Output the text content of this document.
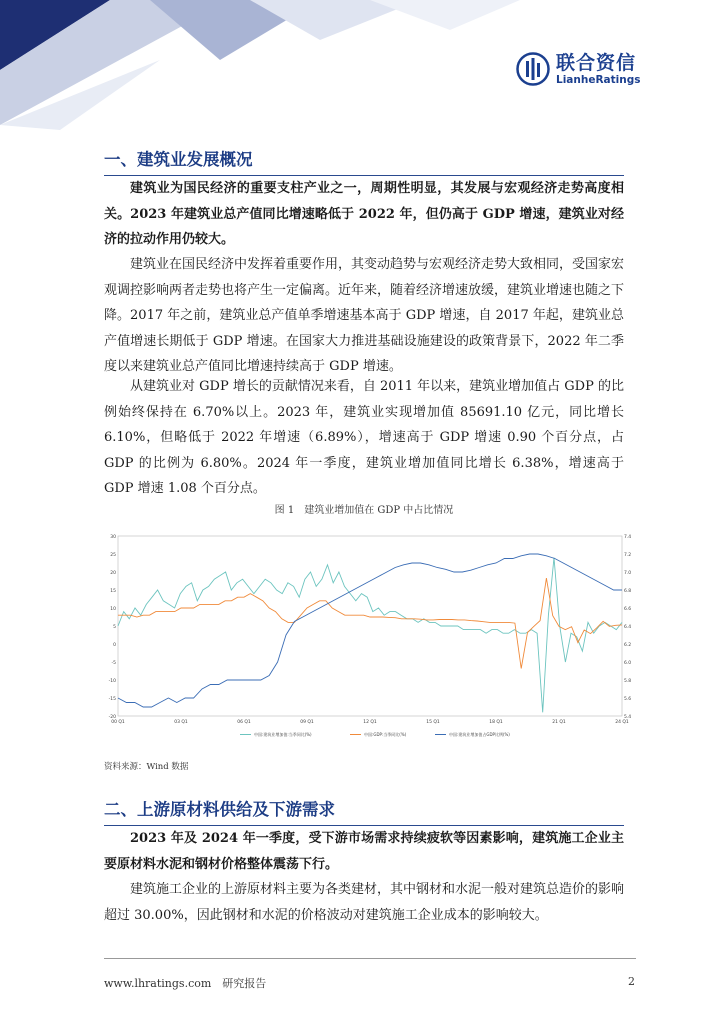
联合资信
LianheRatings
一、建筑业发展概况

建筑业为国民经济的重要支柱产业之一，周期性明显，其发展与宏观经济走势高度相关。2023 年建筑业总产值同比增速略低于 2022 年，但仍高于 GDP 增速，建筑业对经济的拉动作用仍较大。

建筑业在国民经济中发挥着重要作用，其变动趋势与宏观经济走势大致相同，受国家宏观调控影响两者走势也将产生一定偏离。近年来，随着经济增速放缓，建筑业增速也随之下降。2017 年之前，建筑业总产值单季增速基本高于 GDP 增速，自 2017 年起，建筑业总产值增速长期低于 GDP 增速。在国家大力推进基础设施建设的政策背景下，2022 年二季度以来建筑业总产值同比增速持续高于 GDP 增速。

从建筑业对 GDP 增长的贡献情况来看，自 2011 年以来，建筑业增加值占 GDP 的比例始终保持在 6.70%以上。2023 年，建筑业实现增加值 85691.10 亿元，同比增长 6.10%，但略低于 2022 年增速（6.89%），增速高于 GDP 增速 0.90 个百分点，占 GDP 的比例为 6.80%。2024 年一季度，建筑业增加值同比增长 6.38%，增速高于 GDP 增速 1.08 个百分点。

图 1　建筑业增加值在 GDP 中占比情况
30
25
20
15
10
5
0
-5
-10
-15
-20
7.4
7.2
7.0
6.8
6.6
6.4
6.2
6.0
5.8
5.6
5.4
00 Q1	03 Q1	06 Q1	09 Q1	12 Q1	15 Q1	18 Q1	21 Q1	24 Q1
中国:建筑业增加值:当季同比(%)	中国:GDP:当季同比(%)	中国:建筑业增加值占GDP比例(%)
资料来源：Wind 数据
二、上游原材料供给及下游需求

2023 年及 2024 年一季度，受下游市场需求持续疲软等因素影响，建筑施工企业主要原材料水泥和钢材价格整体震荡下行。

建筑施工企业的上游原材料主要为各类建材，其中钢材和水泥一般对建筑总造价的影响超过 30.00%，因此钢材和水泥的价格波动对建筑施工企业成本的影响较大。

www.lhratings.com　研究报告	2
